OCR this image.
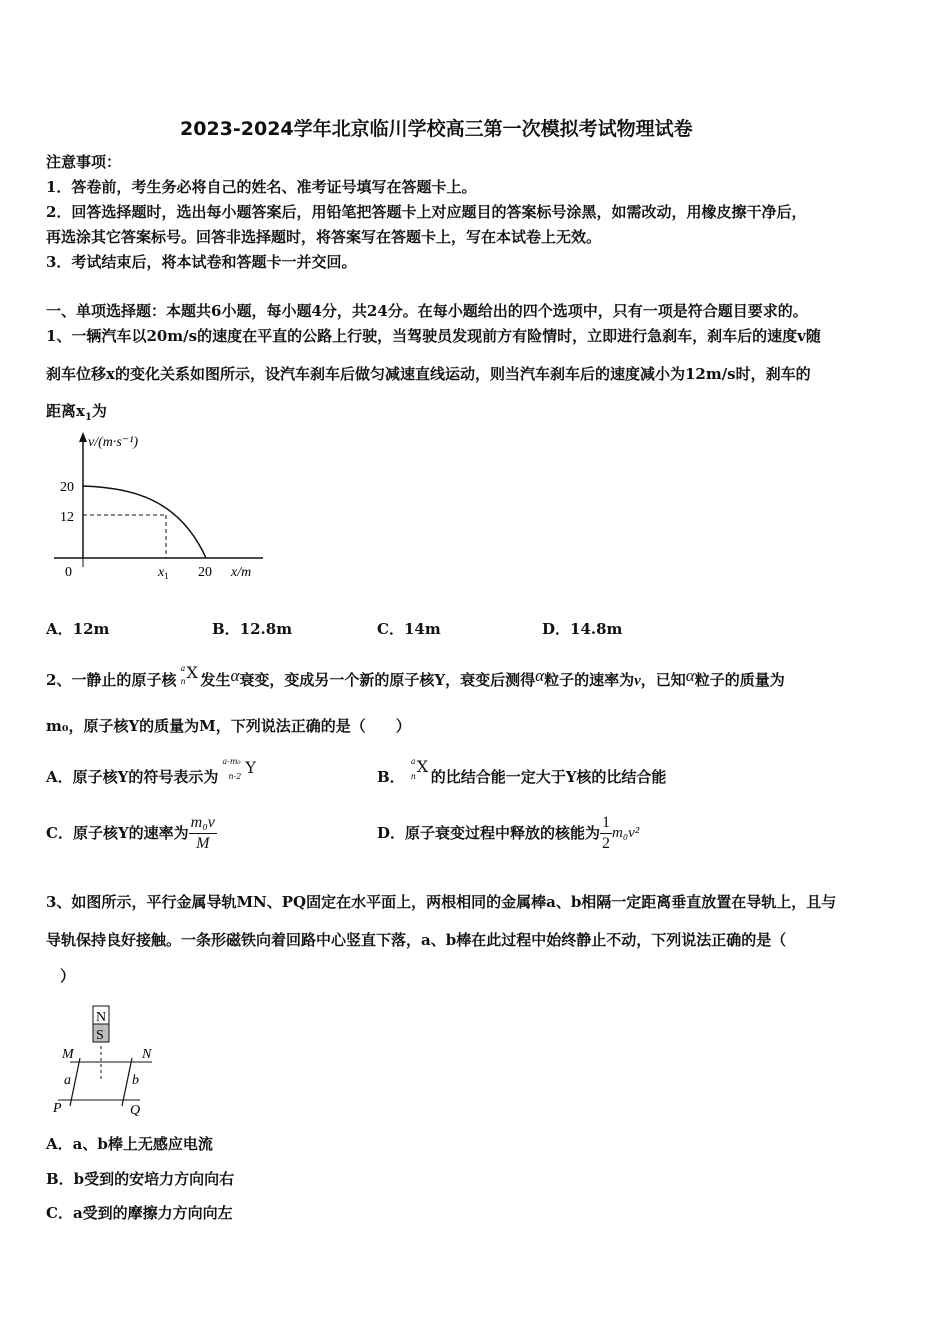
2023-2024学年北京临川学校高三第一次模拟考试物理试卷
注意事项：
1．答卷前，考生务必将自己的姓名、准考证号填写在答题卡上。
2．回答选择题时，选出每小题答案后，用铅笔把答题卡上对应题目的答案标号涂黑，如需改动，用橡皮擦干净后，
再选涂其它答案标号。回答非选择题时，将答案写在答题卡上，写在本试卷上无效。
3．考试结束后，将本试卷和答题卡一并交回。
一、单项选择题：本题共6小题，每小题4分，共24分。在每小题给出的四个选项中，只有一项是符合题目要求的。
1、一辆汽车以20m/s的速度在平直的公路上行驶，当驾驶员发现前方有险情时，立即进行急刹车，刹车后的速度v随
刹车位移x的变化关系如图所示，设汽车刹车后做匀减速直线运动，则当汽车刹车后的速度减小为12m/s时，刹车的
距离$x_1$为
v/(m·s⁻¹)
20
12
0	$x_1$ 20 x/m
A．12m	B．12.8m	C．14m	D．14.8m
2、一静止的原子核
a
n X 发生α衰变，变成另一个新的原子核Y，衰变后测得α粒子的速率为v，已知α粒子的质量为
m₀，原子核Y的质量为M，下列说法正确的是（　　）
A．原子核Y的符号表示为
a-m₀
n-2 Y	B．
a
n
X
的比结合能一定大于Y核的比结合能
C．原子核Y的速率为 $\frac{\text{m₀v}}{M}$	D．原子衰变过程中释放的核能为 $\frac{1}{2} m_0v^2$
3、如图所示，平行金属导轨MN、PQ固定在水平面上，两根相同的金属棒a、b相隔一定距离垂直放置在导轨上，且与
导轨保持良好接触。一条形磁铁向着回路中心竖直下落，a、b棒在此过程中始终静止不动，下列说法正确的是（
）
N
S
M	N
a	b
P	Q
A．a、b棒上无感应电流
B．b受到的安培力方向向右
C．a受到的摩擦力方向向左
